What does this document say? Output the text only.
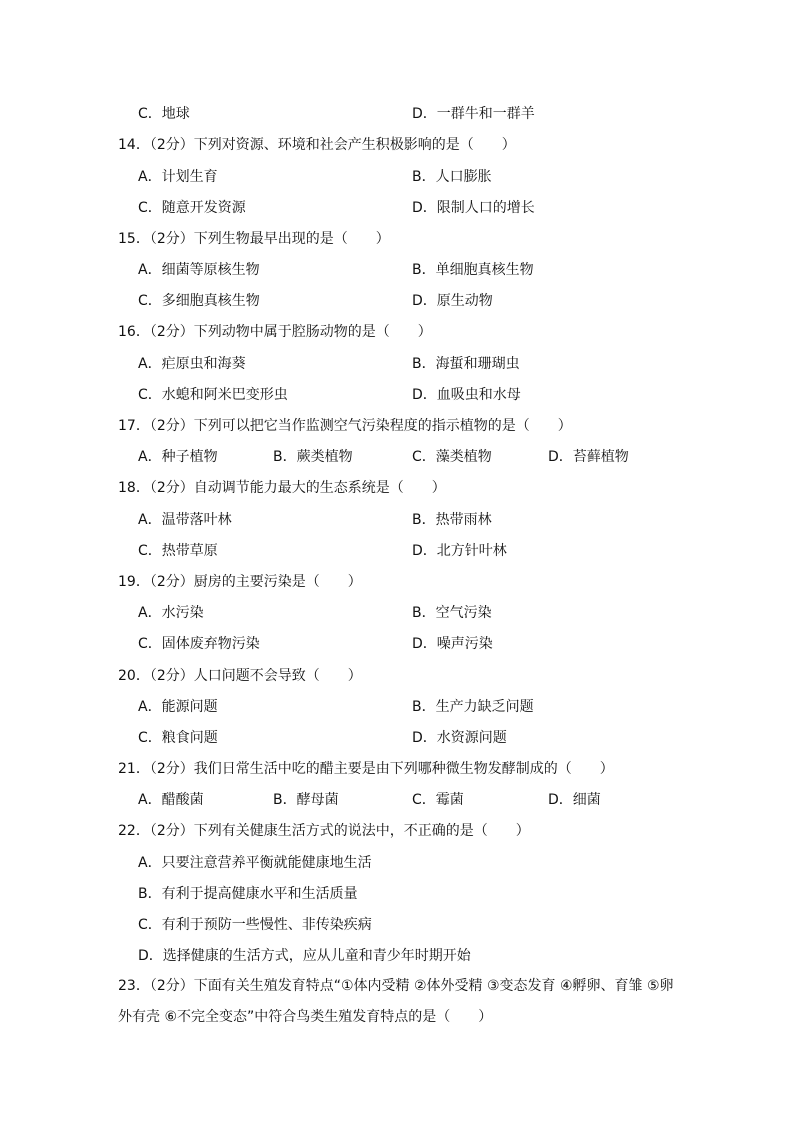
C．地球	D．一群牛和一群羊
14．（2分）下列对资源、环境和社会产生积极影响的是（　　）
A．计划生育	B．人口膨胀
C．随意开发资源	D．限制人口的增长
15．（2分）下列生物最早出现的是（　　）
A．细菌等原核生物	B．单细胞真核生物
C．多细胞真核生物	D．原生动物
16．（2分）下列动物中属于腔肠动物的是（　　）
A．疟原虫和海葵	B．海蜇和珊瑚虫
C．水螅和阿米巴变形虫	D．血吸虫和水母
17．（2分）下列可以把它当作监测空气污染程度的指示植物的是（　　）
A．种子植物	B．蕨类植物	C．藻类植物	D．苔藓植物
18．（2分）自动调节能力最大的生态系统是（　　）
A．温带落叶林	B．热带雨林
C．热带草原	D．北方针叶林
19．（2分）厨房的主要污染是（　　）
A．水污染	B．空气污染
C．固体废弃物污染	D．噪声污染
20．（2分）人口问题不会导致（　　）
A．能源问题	B．生产力缺乏问题
C．粮食问题	D．水资源问题
21．（2分）我们日常生活中吃的醋主要是由下列哪种微生物发酵制成的（　　）
A．醋酸菌	B．酵母菌	C．霉菌	D．细菌
22．（2分）下列有关健康生活方式的说法中，不正确的是（　　）
A．只要注意营养平衡就能健康地生活
B．有利于提高健康水平和生活质量
C．有利于预防一些慢性、非传染疾病
D．选择健康的生活方式，应从儿童和青少年时期开始
23．（2分）下面有关生殖发育特点“①体内受精 ②体外受精 ③变态发育 ④孵卵、育雏 ⑤卵外有壳 ⑥不完全变态”中符合鸟类生殖发育特点的是（　　）
